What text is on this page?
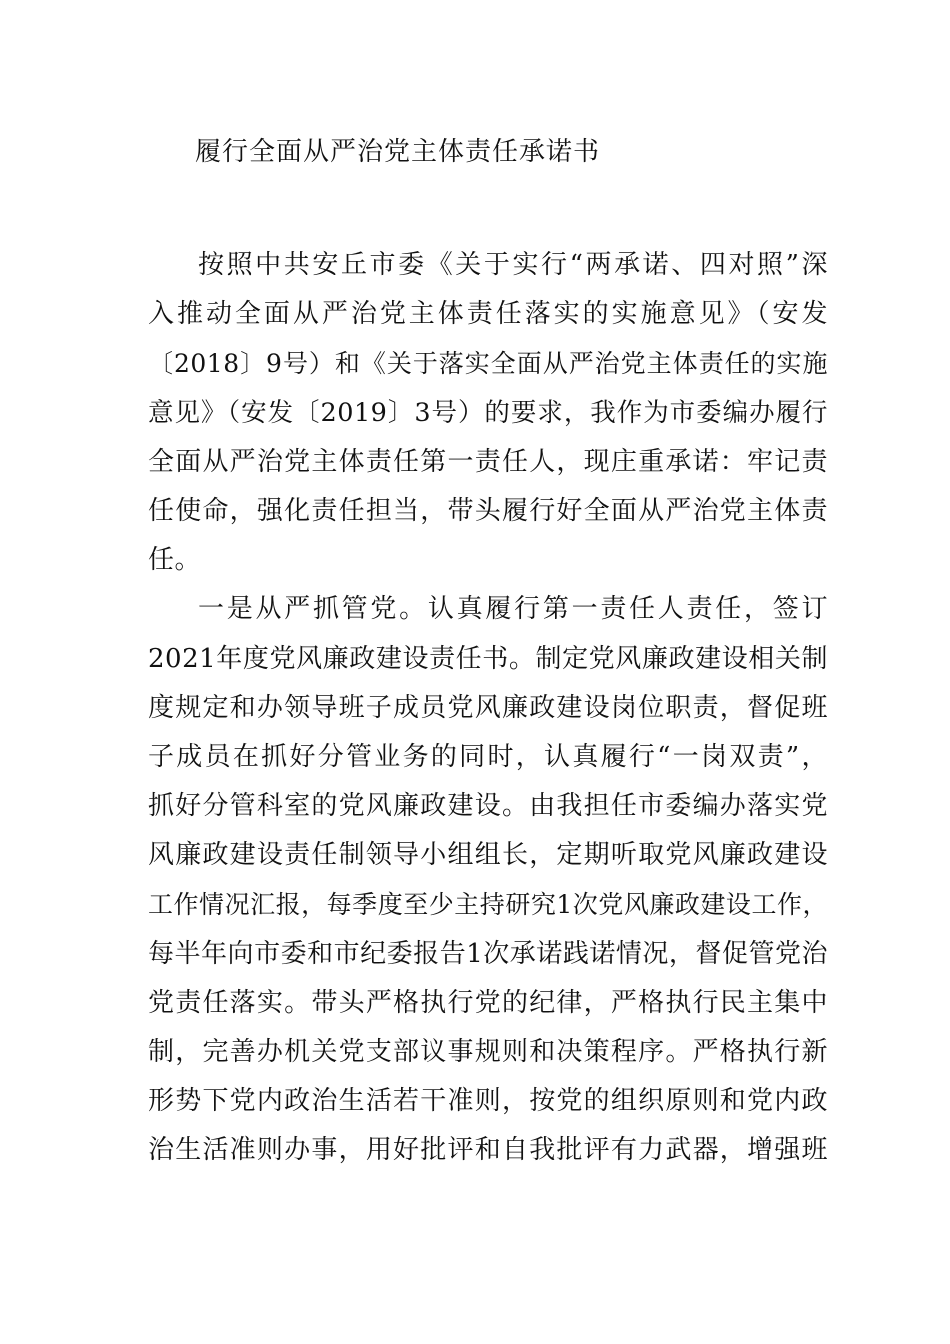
履行全面从严治党主体责任承诺书
按照中共安丘市委《关于实行“两承诺、四对照”深
入推动全面从严治党主体责任落实的实施意见》（安发
〔2018〕9号）和《关于落实全面从严治党主体责任的实施
意见》（安发〔2019〕3号）的要求，我作为市委编办履行
全面从严治党主体责任第一责任人，现庄重承诺：牢记责
任使命，强化责任担当，带头履行好全面从严治党主体责
任。
一是从严抓管党。认真履行第一责任人责任，签订
2021年度党风廉政建设责任书。制定党风廉政建设相关制
度规定和办领导班子成员党风廉政建设岗位职责，督促班
子成员在抓好分管业务的同时，认真履行“一岗双责”，
抓好分管科室的党风廉政建设。由我担任市委编办落实党
风廉政建设责任制领导小组组长，定期听取党风廉政建设
工作情况汇报，每季度至少主持研究1次党风廉政建设工作，
每半年向市委和市纪委报告1次承诺践诺情况，督促管党治
党责任落实。带头严格执行党的纪律，严格执行民主集中
制，完善办机关党支部议事规则和决策程序。严格执行新
形势下党内政治生活若干准则，按党的组织原则和党内政
治生活准则办事，用好批评和自我批评有力武器，增强班
